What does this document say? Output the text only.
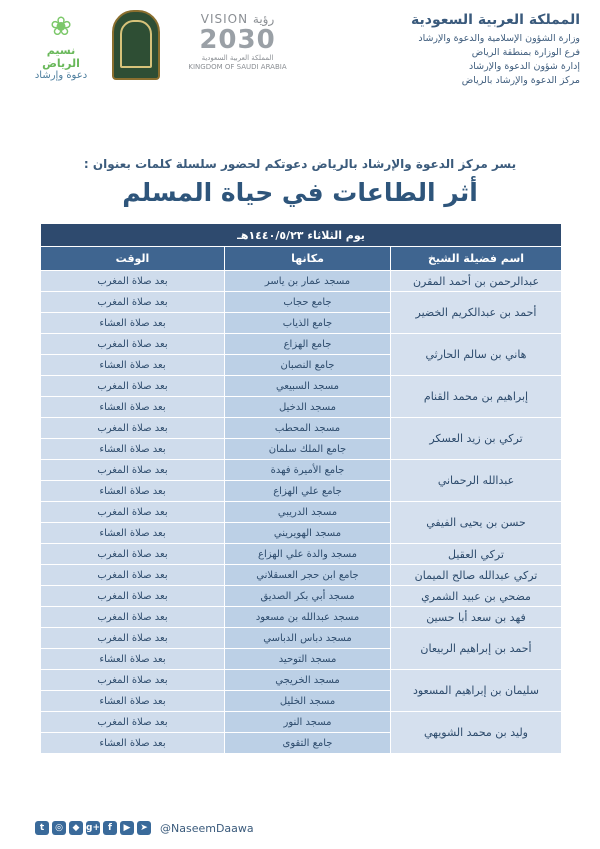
المملكة العربية السعودية
وزارة الشؤون الإسلامية والدعوة والإرشاد
فرع الوزارة بمنطقة الرياض
إدارة شؤون الدعوة والإرشاد
مركز الدعوة والإرشاد بالرياض
VISION رؤية
2030
المملكة العربية السعودية
KINGDOM OF SAUDI ARABIA
❀
نسيم الرياض
دعوة وإرشاد
يسر مركز الدعوة والإرشاد بالرياض دعوتكم لحضور سلسلة كلمات بعنوان :
أثر الطاعات في حياة المسلم
يوم الثلاثاء ١٤٤٠/٥/٢٣هـ		
اسم فضيلة الشيخ	مكانها	الوقت
عبدالرحمن بن أحمد المقرن	مسجد عمار بن ياسر	بعد صلاة المغرب
أحمد بن عبدالكريم الخضير	جامع حجاب	بعد صلاة المغرب
	جامع الذياب	بعد صلاة العشاء
هاني بن سالم الحارثي	جامع الهزاع	بعد صلاة المغرب
	جامع النصبان	بعد صلاة العشاء
إبراهيم بن محمد القنام	مسجد السبيعي	بعد صلاة المغرب
	مسجد الدخيل	بعد صلاة العشاء
تركي بن زيد العسكر	مسجد المحطب	بعد صلاة المغرب
	جامع الملك سلمان	بعد صلاة العشاء
عبدالله الرحماني	جامع الأميرة فهدة	بعد صلاة المغرب
	جامع علي الهزاع	بعد صلاة العشاء
حسن بن يحيى الفيفي	مسجد الدريبي	بعد صلاة المغرب
	مسجد الهويريني	بعد صلاة العشاء
تركي العقيل	مسجد والدة علي الهزاع	بعد صلاة المغرب
تركي عبدالله صالح الميمان	جامع ابن حجر العسقلاني	بعد صلاة المغرب
مضحي بن عبيد الشمري	مسجد أبي بكر الصديق	بعد صلاة المغرب
فهد بن سعد أبا حسين	مسجد عبدالله بن مسعود	بعد صلاة المغرب
أحمد بن إبراهيم الربيعان	مسجد دباس الدباسي	بعد صلاة المغرب
	مسجد التوحيد	بعد صلاة العشاء
سليمان بن إبراهيم المسعود	مسجد الخريجي	بعد صلاة المغرب
	مسجد الخليل	بعد صلاة العشاء
وليد بن محمد الشويهي	مسجد النور	بعد صلاة المغرب
	جامع التقوى	بعد صلاة العشاء
t	◎	◆ g+ f	▶	➤ @NaseemDaawa
